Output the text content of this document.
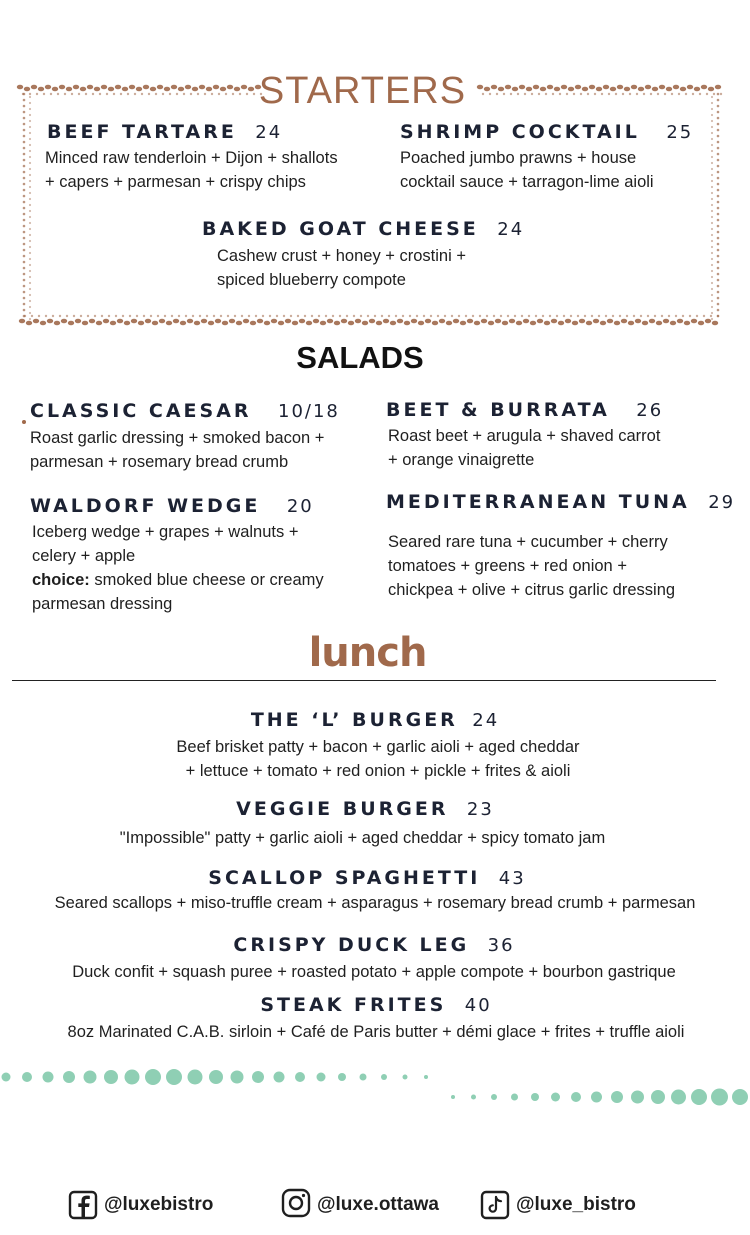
STARTERS
BEEF TARTARE 24
Minced raw tenderloin + Dijon + shallots
+ capers + parmesan + crispy chips
SHRIMP COCKTAIL 25
Poached jumbo prawns + house
cocktail sauce + tarragon-lime aioli
BAKED GOAT CHEESE 24
Cashew crust + honey + crostini +
spiced blueberry compote
SALADS
CLASSIC CAESAR 10/18
Roast garlic dressing + smoked bacon +
parmesan + rosemary bread crumb
BEET & BURRATA 26
Roast beet + arugula + shaved carrot
+ orange vinaigrette
WALDORF WEDGE 20
Iceberg wedge + grapes + walnuts +
celery + apple
choice: smoked blue cheese or creamy
parmesan dressing
MEDITERRANEAN TUNA 29
Seared rare tuna + cucumber + cherry
tomatoes + greens + red onion +
chickpea + olive + citrus garlic dressing
lunch
THE ‘L’ BURGER 24
Beef brisket patty + bacon + garlic aioli + aged cheddar
+ lettuce + tomato + red onion + pickle + frites & aioli
VEGGIE BURGER 23
"Impossible" patty + garlic aioli + aged cheddar + spicy tomato jam
SCALLOP SPAGHETTI 43
Seared scallops + miso-truffle cream + asparagus + rosemary bread crumb + parmesan
CRISPY DUCK LEG 36
Duck confit + squash puree + roasted potato + apple compote + bourbon gastrique
STEAK FRITES 40
8oz Marinated C.A.B. sirloin + Café de Paris butter + démi glace + frites + truffle aioli
@luxebistro	@luxe.ottawa	@luxe_bistro
